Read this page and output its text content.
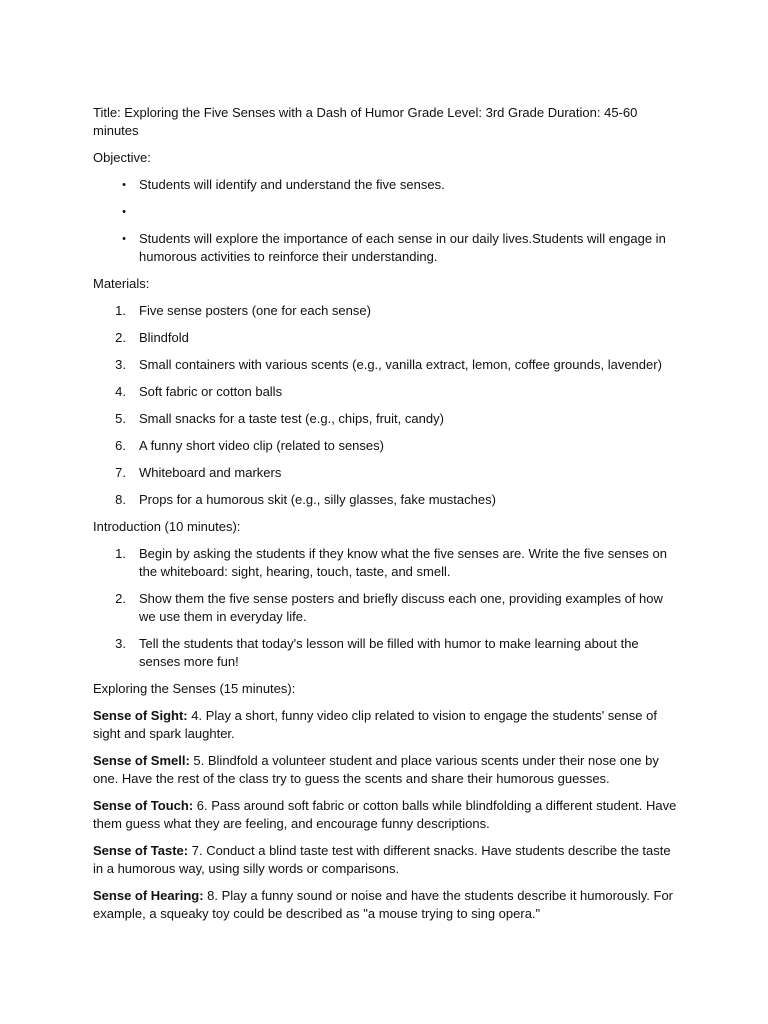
Title: Exploring the Five Senses with a Dash of Humor Grade Level: 3rd Grade Duration: 45-60 minutes

Objective:

• Students will identify and understand the five senses.
•
• Students will explore the importance of each sense in our daily lives.Students will engage in humorous activities to reinforce their understanding.

Materials:

1. Five sense posters (one for each sense)
2. Blindfold
3. Small containers with various scents (e.g., vanilla extract, lemon, coffee grounds, lavender)
4. Soft fabric or cotton balls
5. Small snacks for a taste test (e.g., chips, fruit, candy)
6. A funny short video clip (related to senses)
7. Whiteboard and markers
8. Props for a humorous skit (e.g., silly glasses, fake mustaches)

Introduction (10 minutes):

1. Begin by asking the students if they know what the five senses are. Write the five senses on the whiteboard: sight, hearing, touch, taste, and smell.
2. Show them the five sense posters and briefly discuss each one, providing examples of how we use them in everyday life.
3. Tell the students that today's lesson will be filled with humor to make learning about the senses more fun!

Exploring the Senses (15 minutes):

Sense of Sight: 4. Play a short, funny video clip related to vision to engage the students' sense of sight and spark laughter.

Sense of Smell: 5. Blindfold a volunteer student and place various scents under their nose one by one. Have the rest of the class try to guess the scents and share their humorous guesses.

Sense of Touch: 6. Pass around soft fabric or cotton balls while blindfolding a different student. Have them guess what they are feeling, and encourage funny descriptions.

Sense of Taste: 7. Conduct a blind taste test with different snacks. Have students describe the taste in a humorous way, using silly words or comparisons.

Sense of Hearing: 8. Play a funny sound or noise and have the students describe it humorously. For example, a squeaky toy could be described as "a mouse trying to sing opera."
